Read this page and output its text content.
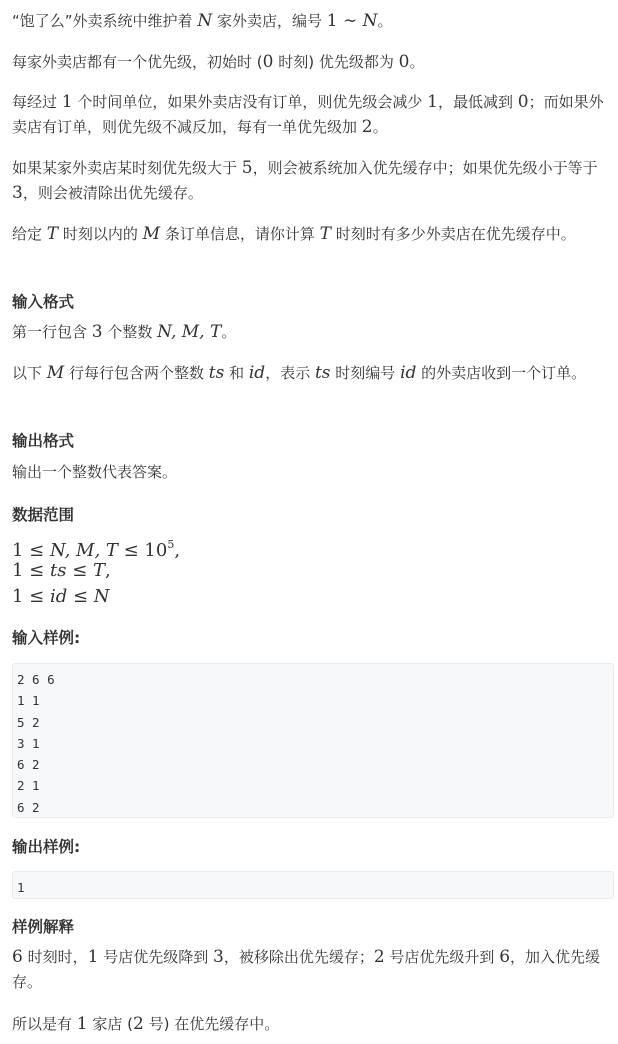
“饱了么”外卖系统中维护着 N 家外卖店，编号 1 ∼ N。

每家外卖店都有一个优先级，初始时 (0 时刻) 优先级都为 0。

每经过 1 个时间单位，如果外卖店没有订单，则优先级会减少 1，最低减到 0；而如果外卖店有订单，则优先级不减反加，每有一单优先级加 2。

如果某家外卖店某时刻优先级大于 5，则会被系统加入优先缓存中；如果优先级小于等于 3，则会被清除出优先缓存。

给定 T 时刻以内的 M 条订单信息，请你计算 T 时刻时有多少外卖店在优先缓存中。

输入格式

第一行包含 3 个整数 N, M, T。

以下 M 行每行包含两个整数 ts 和 id，表示 ts 时刻编号 id 的外卖店收到一个订单。

输出格式

输出一个整数代表答案。

数据范围

1 ≤ N, M, $T \le 10^5$,
1 ≤ ts ≤ T,
1 ≤ id ≤ N

输入样例:

2 6 6
1 1
5 2
3 1
6 2
2 1
6 2

输出样例:

1

样例解释

6 时刻时，1 号店优先级降到 3，被移除出优先缓存；2 号店优先级升到 6，加入优先缓存。

所以是有 1 家店 (2 号) 在优先缓存中。
